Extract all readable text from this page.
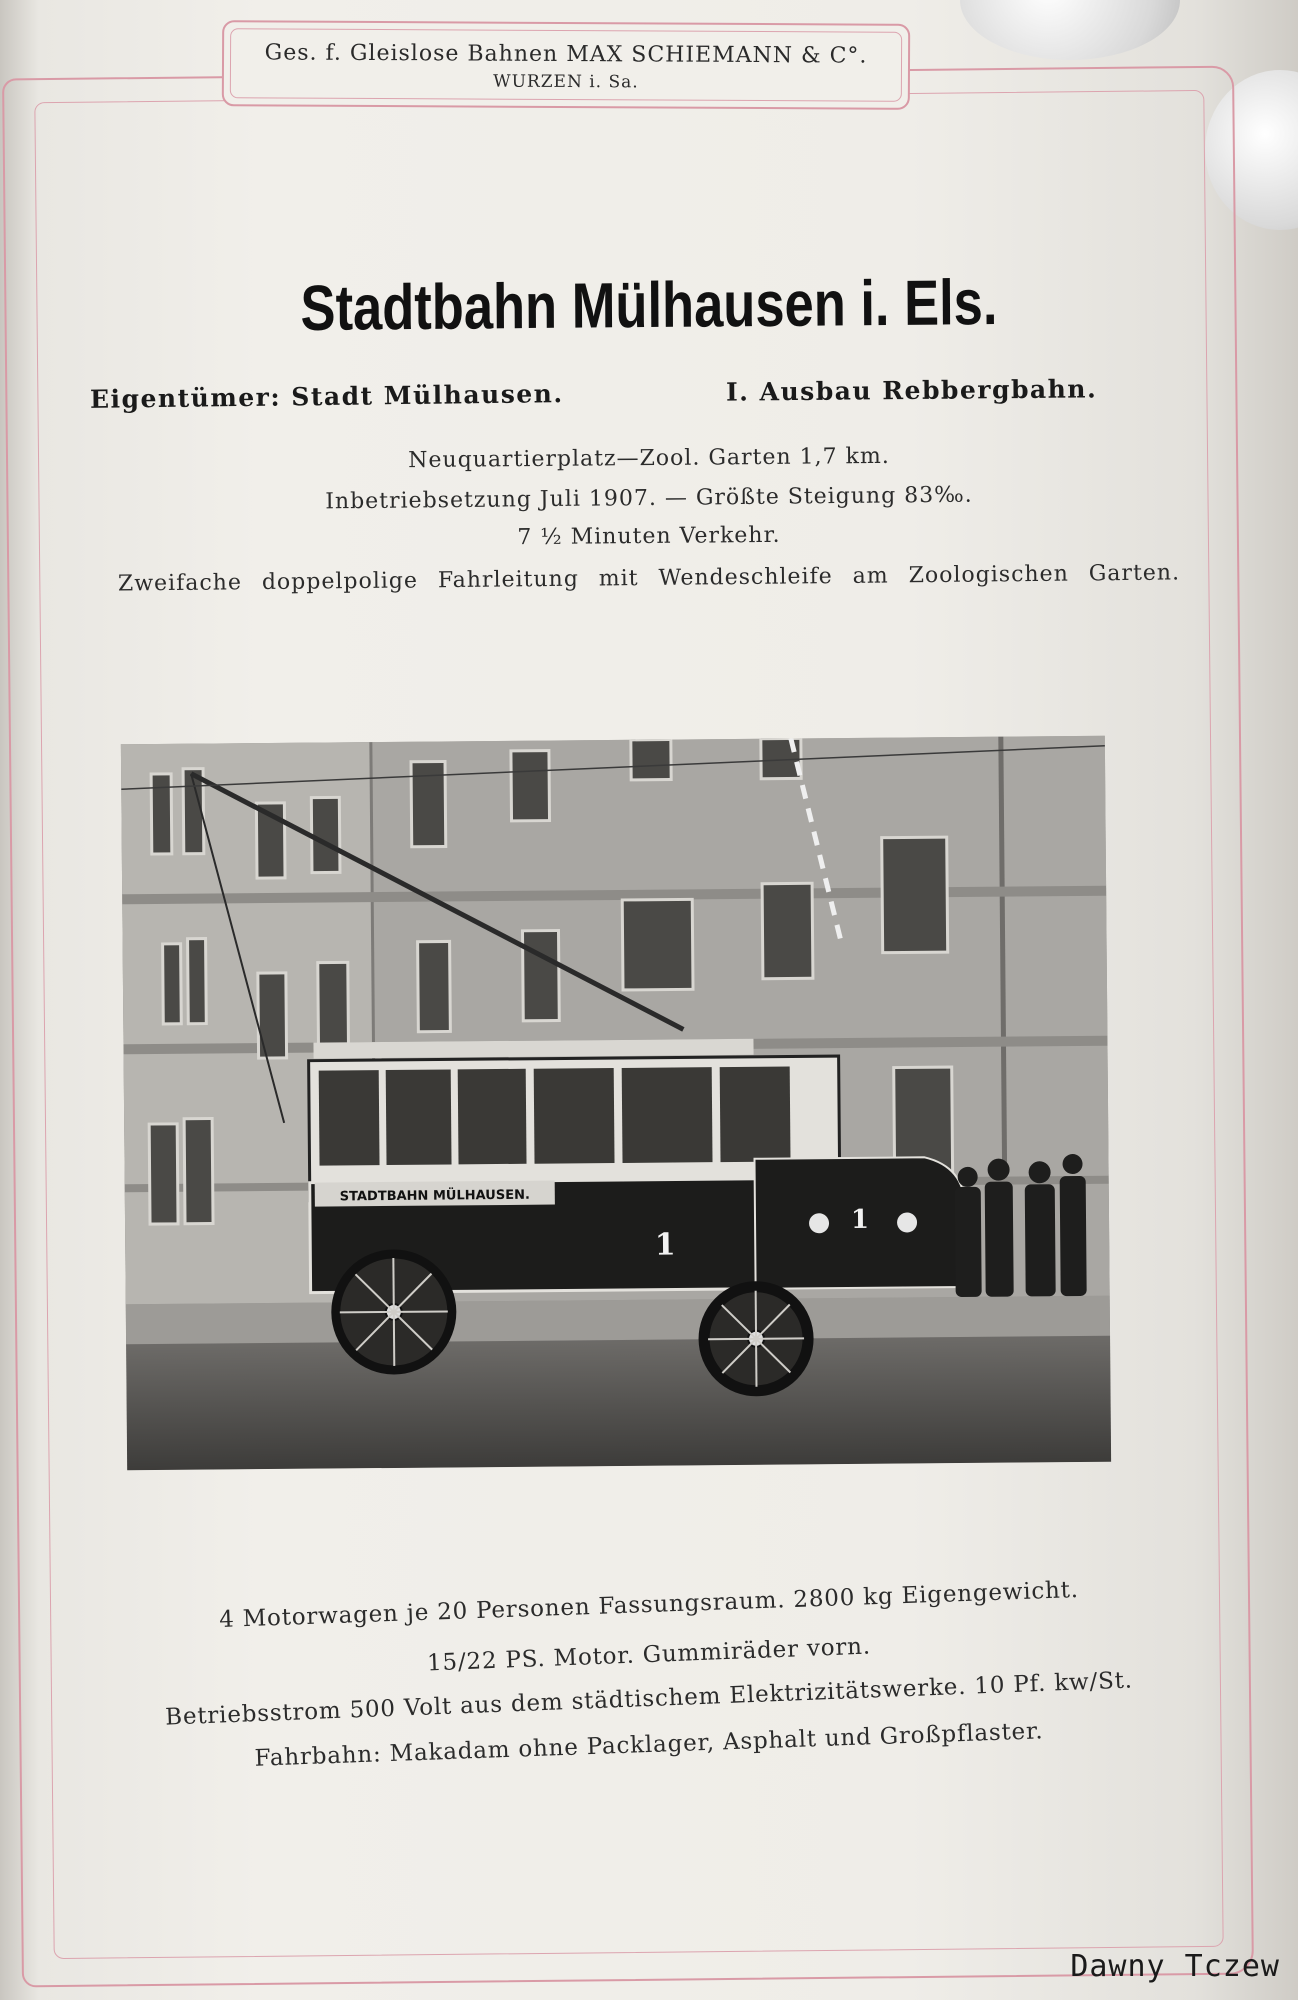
Ges. f. Gleislose Bahnen MAX SCHIEMANN & C°.
WURZEN i. Sa.
Stadtbahn Mülhausen i. Els.
Eigentümer: Stadt Mülhausen.	I. Ausbau Rebbergbahn.
Neuquartierplatz—Zool. Garten 1,7 km.
Inbetriebsetzung Juli 1907. — Größte Steigung 83‰.
7 ½ Minuten Verkehr.
Zweifache doppelpolige Fahrleitung mit Wendeschleife am Zoologischen Garten.
STADTBAHN MÜLHAUSEN.
1
1
4 Motorwagen je 20 Personen Fassungsraum. 2800 kg Eigengewicht.
15/22 PS. Motor. Gummiräder vorn.
Betriebsstrom 500 Volt aus dem städtischem Elektrizitätswerke. 10 Pf. kw/St.
Fahrbahn: Makadam ohne Packlager, Asphalt und Großpflaster.
Dawny Tczew
